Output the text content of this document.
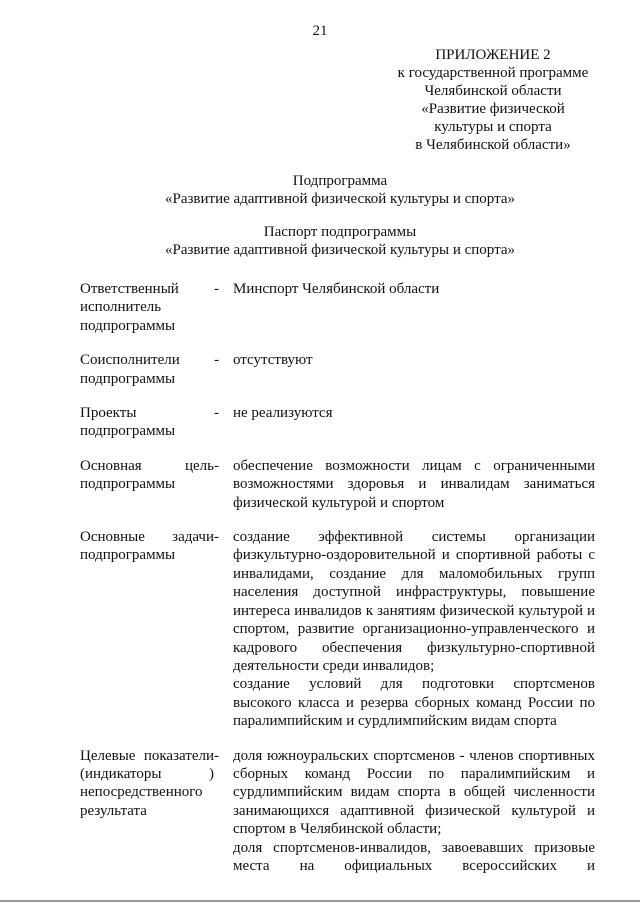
21
ПРИЛОЖЕНИЕ 2
к государственной программе
Челябинской области
«Развитие физической
культуры и спорта
в Челябинской области»
Подпрограмма
«Развитие адаптивной физической культуры и спорта»
Паспорт подпрограммы
«Развитие адаптивной физической культуры и спорта»
Ответственный исполнитель подпрограммы
- Минспорт Челябинской области

Соисполнители подпрограммы
- отсутствуют

Проекты подпрограммы
- не реализуются

Основная цель подпрограммы
- обеспечение возможности лицам с ограниченными возможностями здоровья и инвалидам заниматься физической культурой и спортом

Основные задачи подпрограммы
- создание эффективной системы организации физкультурно-оздоровительной и спортивной работы с инвалидами, создание для маломобильных групп населения доступной инфраструктуры, повышение интереса инвалидов к занятиям физической культурой и спортом, развитие организационно-управленческого и кадрового обеспечения физкультурно-спортивной деятельности среди инвалидов;

создание условий для подготовки спортсменов высокого класса и резерва сборных команд России по паралимпийским и сурдлимпийским видам спорта

Целевые показатели (индикаторы ) непосредственного результата
- доля южноуральских спортсменов - членов спортивных сборных команд России по паралимпийским и сурдлимпийским видам спорта в общей численности занимающихся адаптивной физической культурой и спортом в Челябинской области;

доля спортсменов-инвалидов, завоевавших призовые места на официальных всероссийских и
